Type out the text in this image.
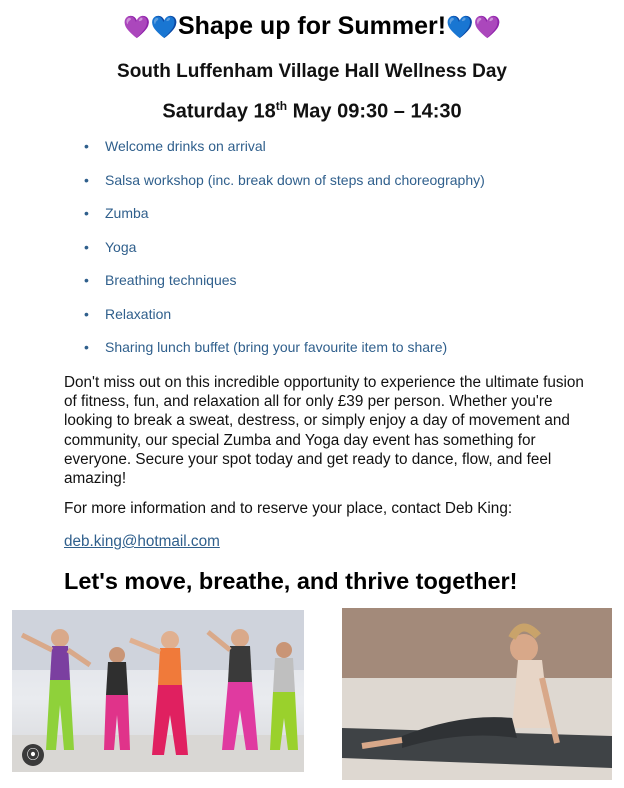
💜💙Shape up for Summer!💙💜
South Luffenham Village Hall Wellness Day
Saturday 18th May 09:30 – 14:30
• Welcome drinks on arrival
• Salsa workshop (inc. break down of steps and choreography)
• Zumba
• Yoga
• Breathing techniques
• Relaxation
• Sharing lunch buffet (bring your favourite item to share)
Don't miss out on this incredible opportunity to experience the ultimate fusion of fitness, fun, and relaxation all for only £39 per person. Whether you're looking to break a sweat, destress, or simply enjoy a day of movement and community, our special Zumba and Yoga day event has something for everyone. Secure your spot today and get ready to dance, flow, and feel amazing!
For more information and to reserve your place, contact Deb King:
deb.king@hotmail.com
Let's move, breathe, and thrive together!
⦿
